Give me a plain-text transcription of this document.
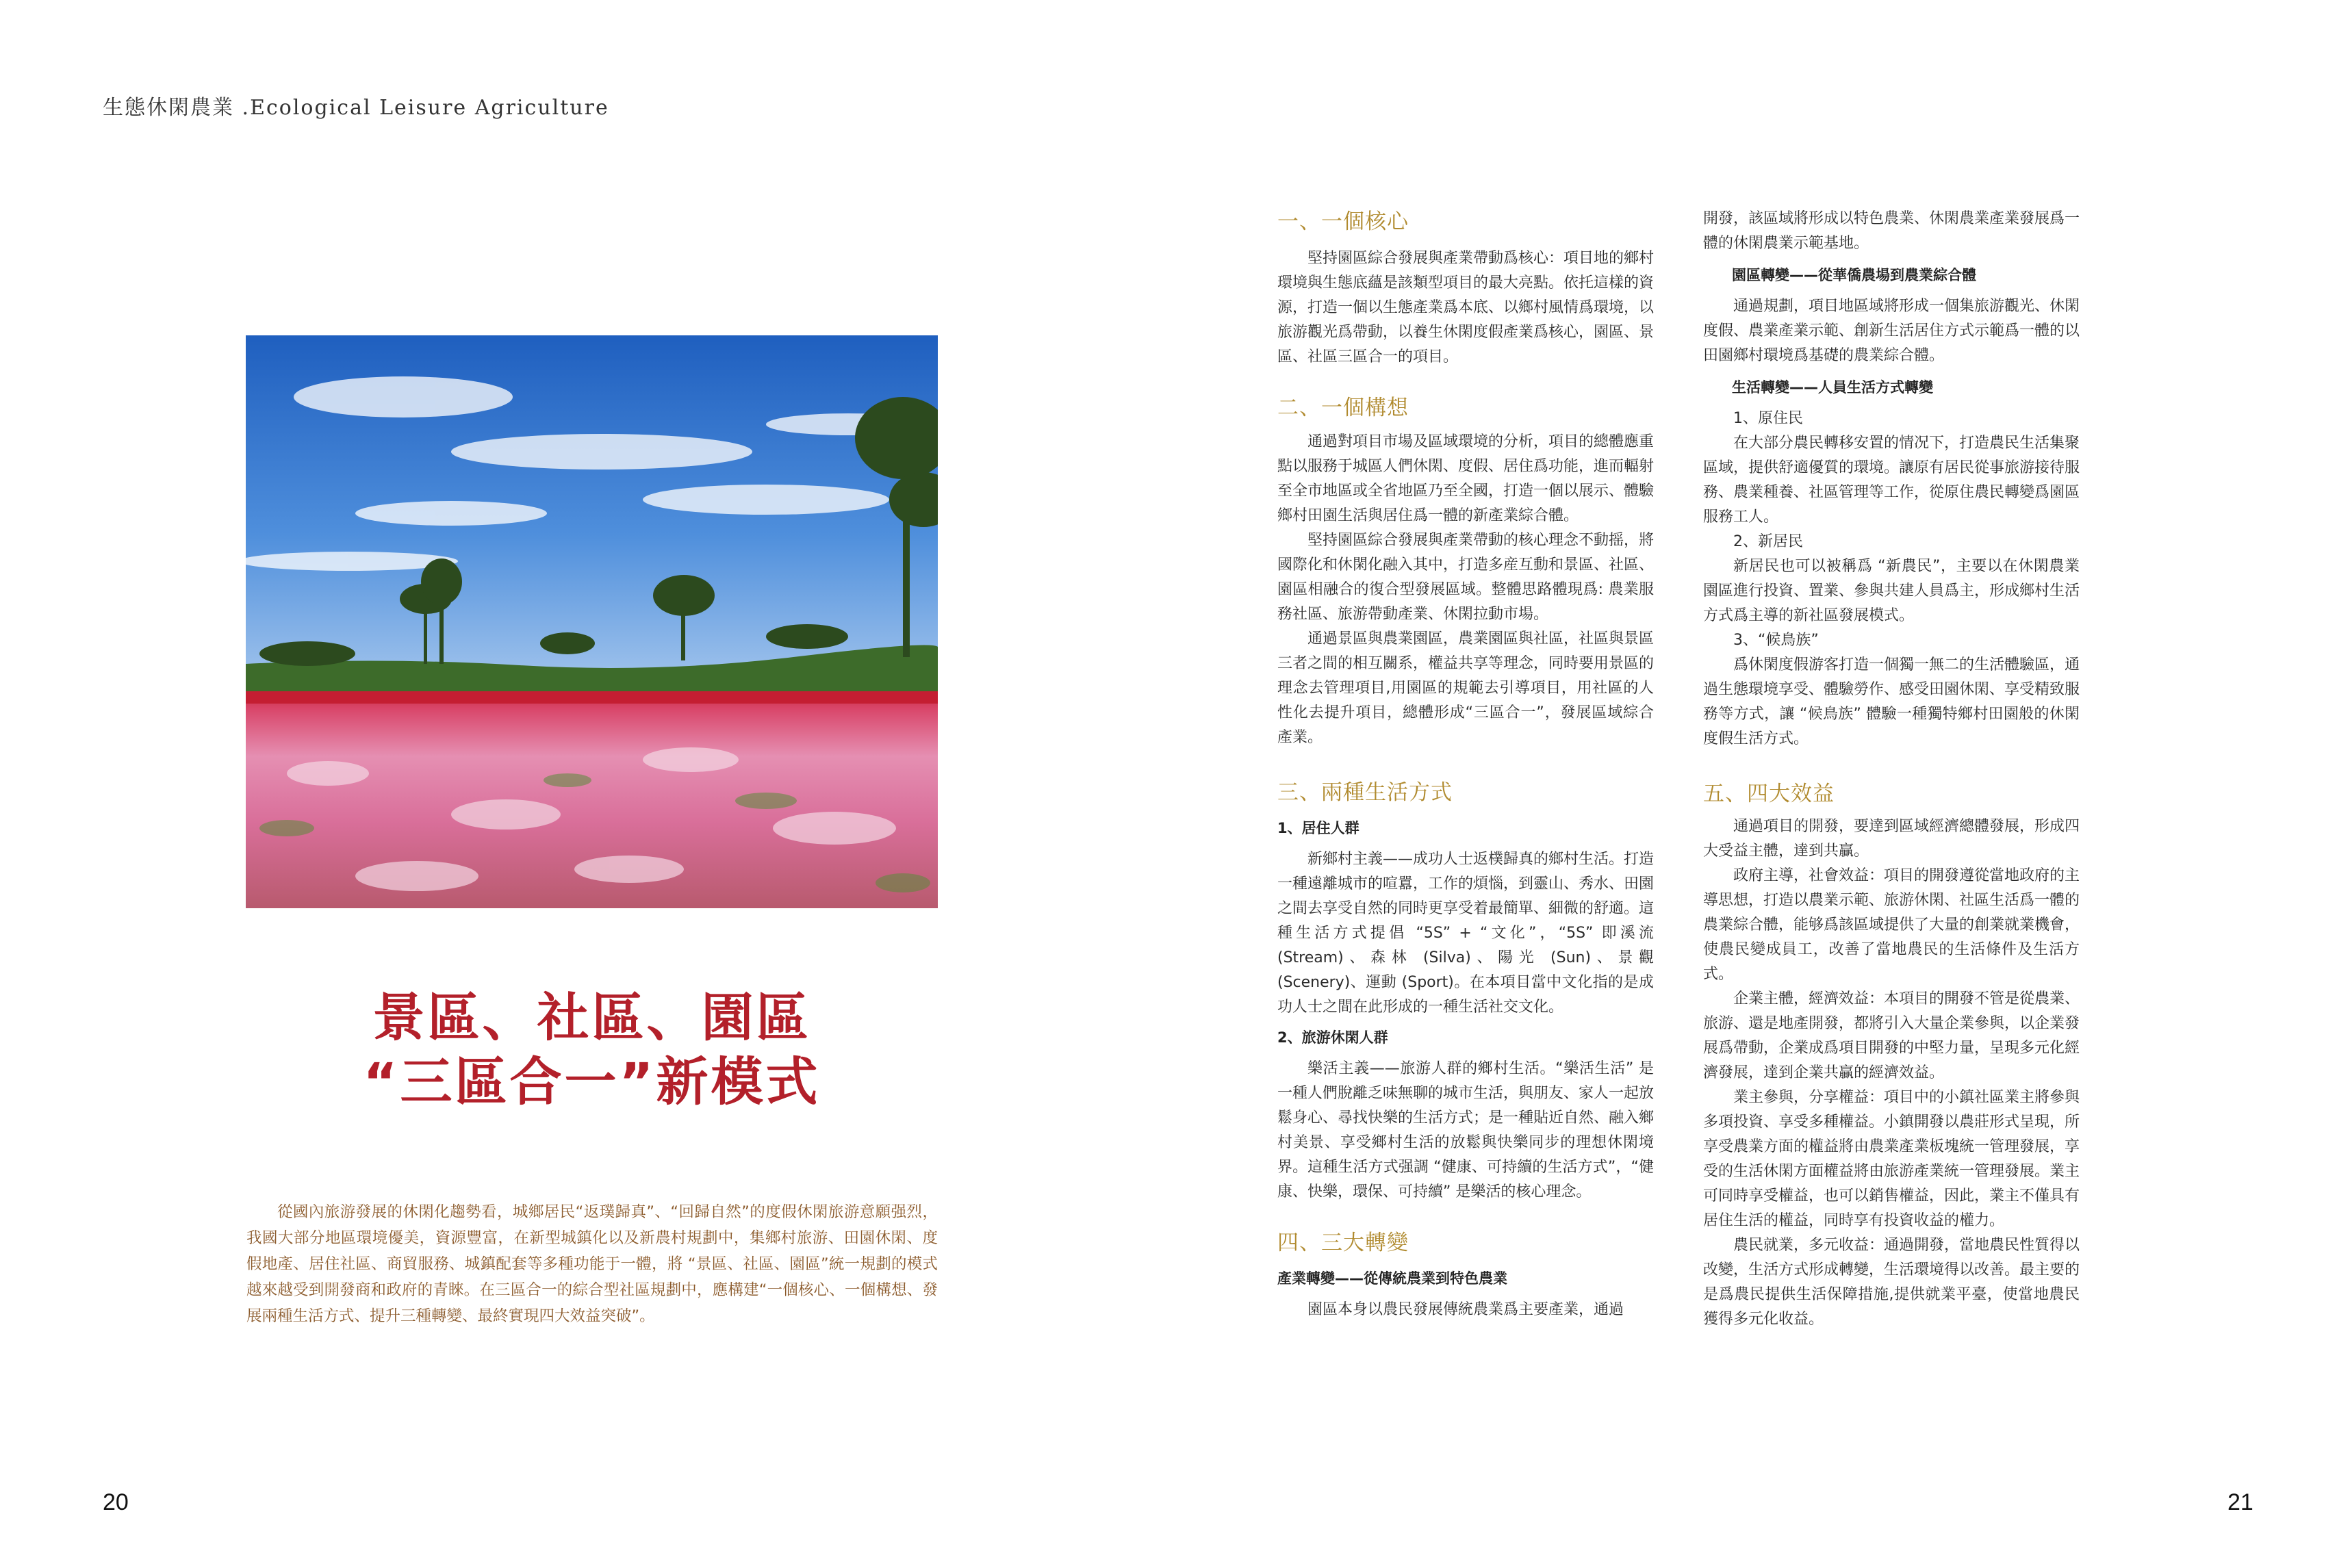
生態休閑農業 .Ecological Leisure Agriculture
景區、社區、園區
“三區合一”新模式

從國內旅游發展的休閑化趨勢看，城鄉居民“返璞歸真”、“回歸自然”的度假休閑旅游意願强烈，我國大部分地區環境優美，資源豐富，在新型城鎮化以及新農村規劃中，集鄉村旅游、田園休閑、度假地產、居住社區、商貿服務、城鎮配套等多種功能于一體，將 “景區、社區、園區”統一規劃的模式越來越受到開發商和政府的青睞。在三區合一的綜合型社區規劃中，應構建“一個核心、一個構想、發展兩種生活方式、提升三種轉變、最終實現四大效益突破”。

一、一個核心

堅持園區綜合發展與產業帶動爲核心：項目地的鄉村環境與生態底蘊是該類型項目的最大亮點。依托這樣的資源，打造一個以生態產業爲本底、以鄉村風情爲環境，以旅游觀光爲帶動，以養生休閑度假產業爲核心，園區、景區、社區三區合一的項目。

二、一個構想

通過對項目市場及區域環境的分析，項目的總體應重點以服務于城區人們休閑、度假、居住爲功能，進而輻射至全市地區或全省地區乃至全國，打造一個以展示、體驗鄉村田園生活與居住爲一體的新產業綜合體。

堅持園區綜合發展與產業帶動的核心理念不動摇，將國際化和休閑化融入其中，打造多産互動和景區、社區、園區相融合的復合型發展區域。整體思路體現爲: 農業服務社區、旅游帶動產業、休閑拉動市場。

通過景區與農業園區，農業園區與社區，社區與景區三者之間的相互關系，權益共享等理念，同時要用景區的理念去管理項目,用園區的規範去引導項目，用社區的人性化去提升項目，總體形成“三區合一”，發展區域綜合產業。

三、兩種生活方式
1、居住人群

新鄉村主義——成功人士返樸歸真的鄉村生活。打造一種遠離城市的喧囂，工作的煩惱，到靈山、秀水、田園之間去享受自然的同時更享受着最簡單、細微的舒適。這種生活方式提倡 “5S” + “文化”，“5S” 即溪流 (Stream)、森林 (Silva)、陽光 (Sun)、景觀 (Scenery)、運動 (Sport)。在本項目當中文化指的是成功人士之間在此形成的一種生活社交文化。

2、旅游休閑人群

樂活主義——旅游人群的鄉村生活。“樂活生活” 是一種人們脫離乏味無聊的城市生活，與朋友、家人一起放鬆身心、尋找快樂的生活方式；是一種貼近自然、融入鄉村美景、享受鄉村生活的放鬆與快樂同步的理想休閑境界。這種生活方式强調 “健康、可持續的生活方式”，“健康、快樂，環保、可持續” 是樂活的核心理念。

四、三大轉變
產業轉變——從傳統農業到特色農業

園區本身以農民發展傳統農業爲主要產業，通過

開發，該區域將形成以特色農業、休閑農業產業發展爲一體的休閑農業示範基地。

園區轉變——從華僑農場到農業綜合體

通過規劃，項目地區域將形成一個集旅游觀光、休閑度假、農業產業示範、創新生活居住方式示範爲一體的以田園鄉村環境爲基礎的農業綜合體。

生活轉變——人員生活方式轉變

1、原住民

在大部分農民轉移安置的情况下，打造農民生活集聚區域，提供舒適優質的環境。讓原有居民從事旅游接待服務、農業種養、社區管理等工作，從原住農民轉變爲園區服務工人。

2、新居民

新居民也可以被稱爲 “新農民”，主要以在休閑農業園區進行投資、置業、參與共建人員爲主，形成鄉村生活方式爲主導的新社區發展模式。

3、“候鳥族”

爲休閑度假游客打造一個獨一無二的生活體驗區，通過生態環境享受、體驗勞作、感受田園休閑、享受精致服務等方式，讓 “候鳥族” 體驗一種獨特鄉村田園般的休閑度假生活方式。

五、四大效益

通過項目的開發，要達到區域經濟總體發展，形成四大受益主體，達到共贏。

政府主導，社會效益：項目的開發遵從當地政府的主導思想，打造以農業示範、旅游休閑、社區生活爲一體的農業綜合體，能够爲該區域提供了大量的創業就業機會，使農民變成員工，改善了當地農民的生活條件及生活方式。

企業主體，經濟效益：本項目的開發不管是從農業、旅游、還是地產開發，都將引入大量企業參與，以企業發展爲帶動，企業成爲項目開發的中堅力量，呈現多元化經濟發展，達到企業共贏的經濟效益。

業主參與，分享權益：項目中的小鎮社區業主將參與多項投資、享受多種權益。小鎮開發以農莊形式呈現，所享受農業方面的權益將由農業產業板塊統一管理發展，享受的生活休閑方面權益將由旅游產業統一管理發展。業主可同時享受權益，也可以銷售權益，因此，業主不僅具有居住生活的權益，同時享有投資收益的權力。

農民就業，多元收益：通過開發，當地農民性質得以改變，生活方式形成轉變，生活環境得以改善。最主要的是爲農民提供生活保障措施,提供就業平臺，使當地農民獲得多元化收益。

20	21
